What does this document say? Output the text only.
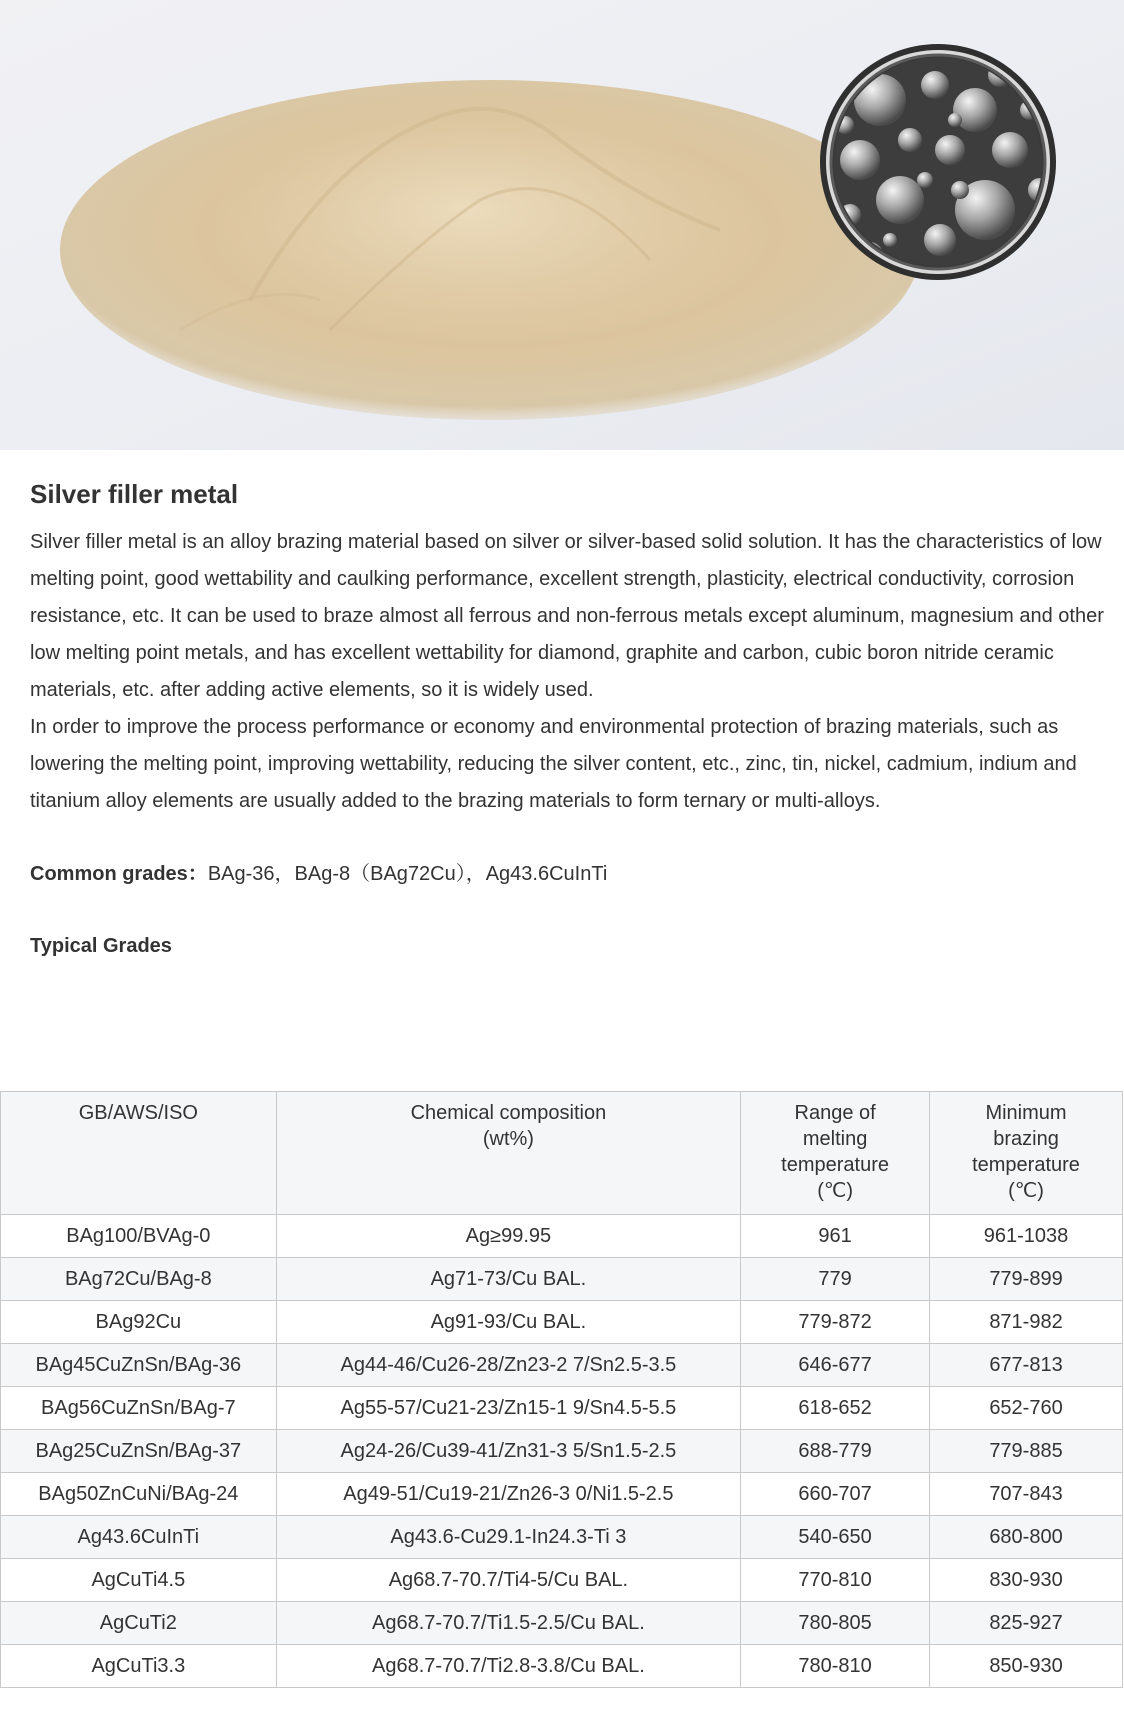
Silver filler metal

Silver filler metal is an alloy brazing material based on silver or silver-based solid solution. It has the characteristics of low melting point, good wettability and caulking performance, excellent strength, plasticity, electrical conductivity, corrosion resistance, etc. It can be used to braze almost all ferrous and non-ferrous metals except aluminum, magnesium and other low melting point metals, and has excellent wettability for diamond, graphite and carbon, cubic boron nitride ceramic materials, etc. after adding active elements, so it is widely used.

In order to improve the process performance or economy and environmental protection of brazing materials, such as lowering the melting point, improving wettability, reducing the silver content, etc., zinc, tin, nickel, cadmium, indium and titanium alloy elements are usually added to the brazing materials to form ternary or multi-alloys.

Common grades：BAg-36，BAg-8（BAg72Cu），Ag43.6CuInTi
Typical Grades
GB/AWS/ISO	Chemical composition (wt%)	Range of melting temperature (℃)	Minimum brazing temperature (℃)
BAg100/BVAg-0	Ag≥99.95	961	961-1038
BAg72Cu/BAg-8	Ag71-73/Cu BAL.	779	779-899
BAg92Cu	Ag91-93/Cu BAL.	779-872	871-982
BAg45CuZnSn/BAg-36	Ag44-46/Cu26-28/Zn23-2 7/Sn2.5-3.5	646-677	677-813
BAg56CuZnSn/BAg-7	Ag55-57/Cu21-23/Zn15-1 9/Sn4.5-5.5	618-652	652-760
BAg25CuZnSn/BAg-37	Ag24-26/Cu39-41/Zn31-3 5/Sn1.5-2.5	688-779	779-885
BAg50ZnCuNi/BAg-24	Ag49-51/Cu19-21/Zn26-3 0/Ni1.5-2.5	660-707	707-843
Ag43.6CuInTi	Ag43.6-Cu29.1-In24.3-Ti 3	540-650	680-800
AgCuTi4.5	Ag68.7-70.7/Ti4-5/Cu BAL.	770-810	830-930
AgCuTi2	Ag68.7-70.7/Ti1.5-2.5/Cu BAL.	780-805	825-927
AgCuTi3.3	Ag68.7-70.7/Ti2.8-3.8/Cu BAL.	780-810	850-930
